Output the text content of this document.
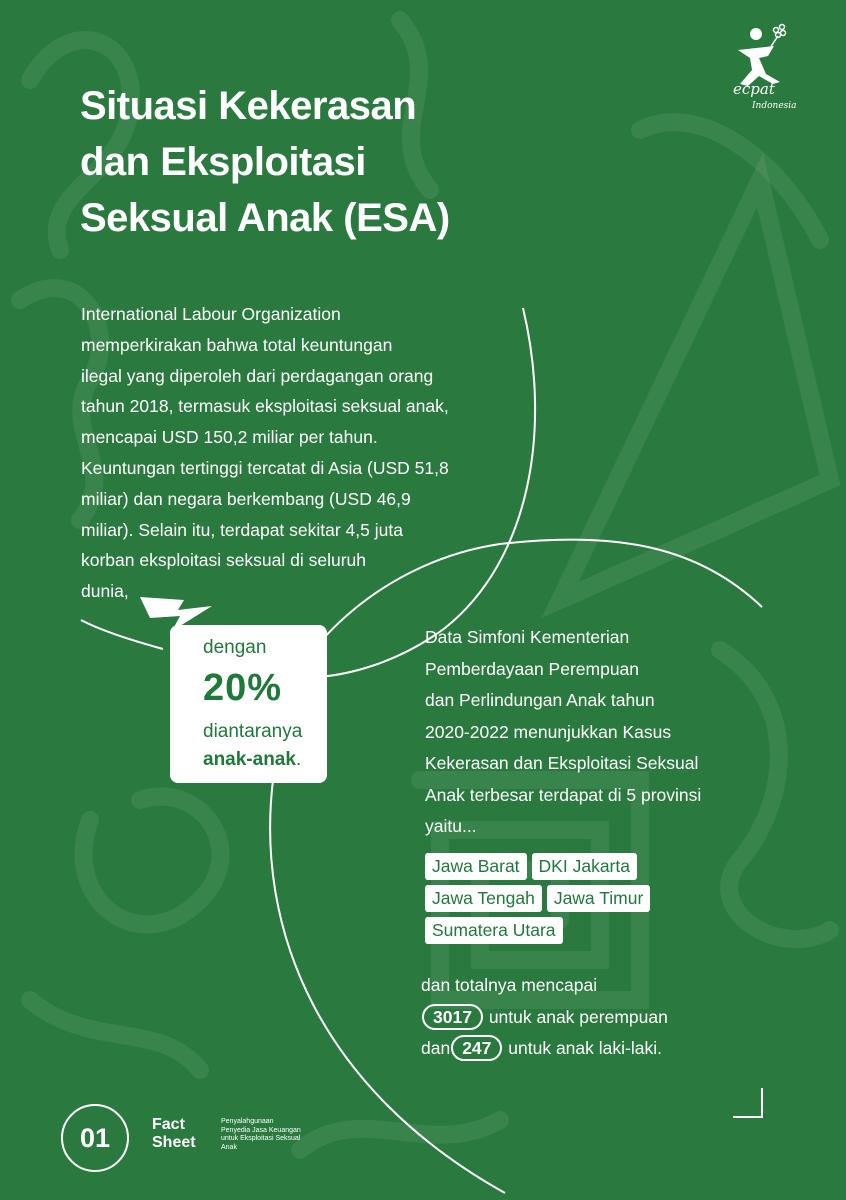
ecpat
Indonesia
Situasi Kekerasan
dan Eksploitasi
Seksual Anak (ESA)
International Labour Organization
memperkirakan bahwa total keuntungan
ilegal yang diperoleh dari perdagangan orang
tahun 2018, termasuk eksploitasi seksual anak,
mencapai USD 150,2 miliar per tahun.
Keuntungan tertinggi tercatat di Asia (USD 51,8
miliar) dan negara berkembang (USD 46,9
miliar). Selain itu, terdapat sekitar 4,5 juta
korban eksploitasi seksual di seluruh
dunia,
dengan
20%
diantaranya
anak-anak.
Data Simfoni Kementerian
Pemberdayaan Perempuan
dan Perlindungan Anak tahun
2020-2022 menunjukkan Kasus
Kekerasan dan Eksploitasi Seksual
Anak terbesar terdapat di 5 provinsi
yaitu...
Jawa Barat DKI Jakarta
Jawa Tengah Jawa Timur
Sumatera Utara
dan totalnya mencapai
3017 untuk anak perempuan
dan 247 untuk anak laki-laki.
01	Fact
Sheet
Penyalahgunaan
Penyedia Jasa Keuangan
untuk Eksploitasi Seksual
Anak
